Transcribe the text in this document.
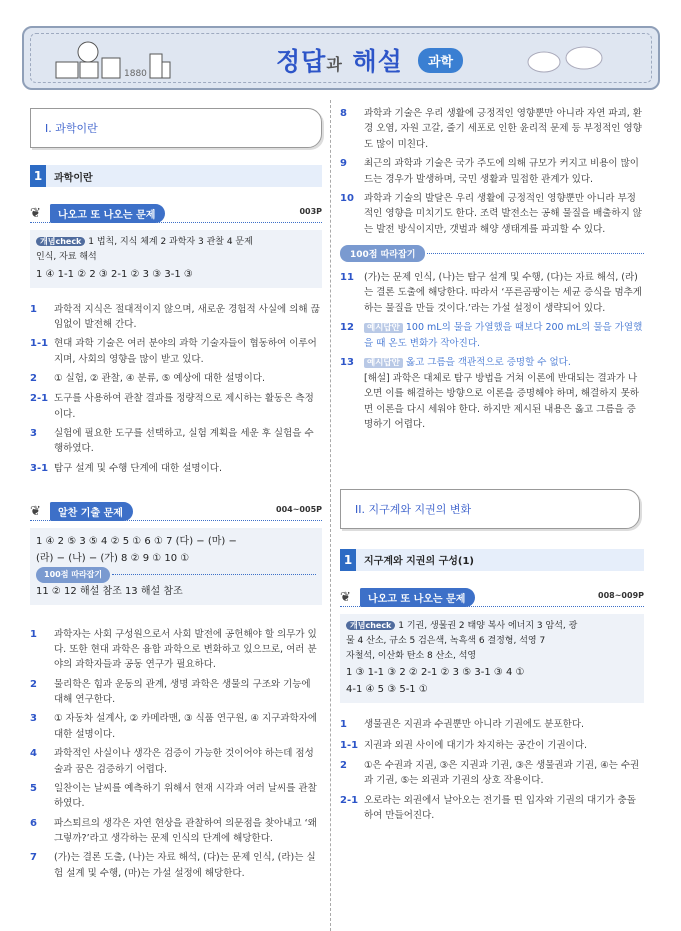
1880	정답과 해설	과학
I. 과학이란
1	과학이란
❦	나오고 또 나오는 문제	003P
개념check 1 법칙, 지식 체계 2 과학자 3 관찰 4 문제
인식, 자료 해석
1 ④ 1-1 ② 2 ③ 2-1 ② 3 ③ 3-1 ③
1	과학적 지식은 절대적이지 않으며, 새로운 경험적 사실에 의해 끊임없이 발전해 간다.
1-1 현대 과학 기술은 여러 분야의 과학 기술자들이 협동하여 이루어지며, 사회의 영향을 많이 받고 있다.
2	① 실험, ② 관찰, ④ 분류, ⑤ 예상에 대한 설명이다.
2-1 도구를 사용하여 관찰 결과를 정량적으로 제시하는 활동은 측정이다.
3	실험에 필요한 도구를 선택하고, 실험 계획을 세운 후 실험을 수행하였다.
3-1 탐구 설계 및 수행 단계에 대한 설명이다.
❦	알찬 기출 문제	004~005P
1 ④ 2 ⑤ 3 ⑤ 4 ② 5 ① 6 ① 7 (다) − (마) −
(라) − (나) − (가) 8 ② 9 ① 10 ①
100점 따라잡기
11 ② 12 해설 참조 13 해설 참조
1	과학자는 사회 구성원으로서 사회 발전에 공헌해야 할 의무가 있다. 또한 현대 과학은 융합 과학으로 변화하고 있으므로, 여러 분야의 과학자들과 공동 연구가 필요하다.
2	물리학은 힘과 운동의 관계, 생명 과학은 생물의 구조와 기능에 대해 연구한다.
3	① 자동차 설계사, ② 카메라맨, ③ 식품 연구원, ④ 지구과학자에 대한 설명이다.
4	과학적인 사실이나 생각은 검증이 가능한 것이어야 하는데 점성술과 꿈은 검증하기 어렵다.
5	일찬이는 날씨를 예측하기 위해서 현재 시각과 여러 날씨를 관찰하였다.
6	파스퇴르의 생각은 자연 현상을 관찰하여 의문점을 찾아내고 ‘왜 그렇까?’라고 생각하는 문제 인식의 단계에 해당한다.
7	(가)는 결론 도출, (나)는 자료 해석, (다)는 문제 인식, (라)는 실험 설계 및 수행, (마)는 가설 설정에 해당한다.
8	과학과 기술은 우리 생활에 긍정적인 영향뿐만 아니라 자연 파괴, 환경 오염, 자원 고갈, 줄기 세포로 인한 윤리적 문제 등 부정적인 영향도 많이 미친다.
9	최근의 과학과 기술은 국가 주도에 의해 규모가 커지고 비용이 많이 드는 경우가 발생하며, 국민 생활과 밀접한 관계가 있다.
10	과학과 기술의 발달은 우리 생활에 긍정적인 영향뿐만 아니라 부정적인 영향을 미치기도 한다. 조력 발전소는 공해 물질을 배출하지 않는 발전 방식이지만, 갯벌과 해양 생태계를 파괴할 수 있다.
100점 따라잡기
11	(가)는 문제 인식, (나)는 탐구 설계 및 수행, (다)는 자료 해석, (라)는 결론 도출에 해당한다. 따라서 ‘푸른곰팡이는 세균 증식을 멈추게 하는 물질을 만들 것이다.’라는 가설 설정이 생략되어 있다.
12	예시답안 100 mL의 물을 가열했을 때보다 200 mL의 물을 가열했을 때 온도 변화가 작아진다.
13	예시답안 옳고 그름을 객관적으로 증명할 수 없다.
[해설] 과학은 대체로 탐구 방법을 거쳐 이론에 반대되는 결과가 나오면 이를 해결하는 방향으로 이론을 증명해야 하며, 해결하지 못하면 이론을 다시 세워야 한다. 하지만 제시된 내용은 옳고 그름을 증명하기 어렵다.
II. 지구계와 지권의 변화
1	지구계와 지권의 구성(1)
❦	나오고 또 나오는 문제	008~009P
개념check 1 기권, 생물권 2 태양 복사 에너지 3 암석, 광
물 4 산소, 규소 5 검은색, 녹흑색 6 결정형, 석영 7
자철석, 이산화 탄소 8 산소, 석영
1 ③ 1-1 ③ 2 ② 2-1 ② 3 ⑤ 3-1 ③ 4 ①
4-1 ④ 5 ③ 5-1 ①
1	생물권은 지권과 수권뿐만 아니라 기권에도 분포한다.
1-1 지권과 외권 사이에 대기가 차지하는 공간이 기권이다.
2	①은 수권과 지권, ③은 지권과 기권, ③은 생물권과 기권, ④는 수권과 기권, ⑤는 외권과 기권의 상호 작용이다.
2-1 오로라는 외권에서 날아오는 전기를 띤 입자와 기권의 대기가 충돌하여 만들어진다.
